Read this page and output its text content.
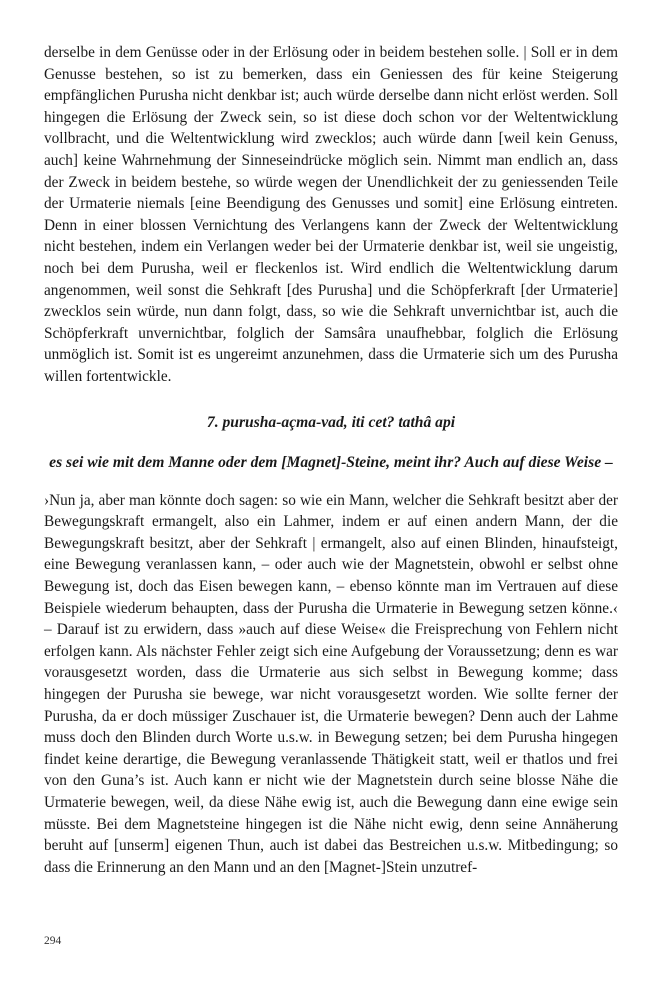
derselbe in dem Genüsse oder in der Erlösung oder in beidem bestehen solle. | Soll er in dem Genusse bestehen, so ist zu bemerken, dass ein Geniessen des für keine Steigerung empfänglichen Purusha nicht denkbar ist; auch würde derselbe dann nicht erlöst werden. Soll hingegen die Erlösung der Zweck sein, so ist diese doch schon vor der Weltentwicklung vollbracht, und die Weltentwicklung wird zwecklos; auch würde dann [weil kein Genuss, auch] keine Wahrnehmung der Sinneseindrücke möglich sein. Nimmt man endlich an, dass der Zweck in beidem bestehe, so würde wegen der Unendlichkeit der zu geniessenden Teile der Urmaterie niemals [eine Beendigung des Genusses und somit] eine Erlösung eintreten. Denn in einer blossen Vernichtung des Verlangens kann der Zweck der Weltentwicklung nicht bestehen, indem ein Verlangen weder bei der Urmaterie denkbar ist, weil sie ungeistig, noch bei dem Purusha, weil er fleckenlos ist. Wird endlich die Weltentwicklung darum angenommen, weil sonst die Sehkraft [des Purusha] und die Schöpferkraft [der Urmaterie] zwecklos sein würde, nun dann folgt, dass, so wie die Sehkraft unvernichtbar ist, auch die Schöpferkraft unvernichtbar, folglich der Samsâra unaufhebbar, folglich die Erlösung unmöglich ist. Somit ist es ungereimt anzunehmen, dass die Urmaterie sich um des Purusha willen fortentwickle.

7. purusha-açma-vad, iti cet? tathâ api

es sei wie mit dem Manne oder dem [Magnet]-Steine, meint ihr? Auch auf diese Weise –

›Nun ja, aber man könnte doch sagen: so wie ein Mann, welcher die Sehkraft besitzt aber der Bewegungskraft ermangelt, also ein Lahmer, indem er auf einen andern Mann, der die Bewegungskraft besitzt, aber der Sehkraft | ermangelt, also auf einen Blinden, hinaufsteigt, eine Bewegung veranlassen kann, – oder auch wie der Magnetstein, obwohl er selbst ohne Bewegung ist, doch das Eisen bewegen kann, – ebenso könnte man im Vertrauen auf diese Beispiele wiederum behaupten, dass der Purusha die Urmaterie in Bewegung setzen könne.‹ – Darauf ist zu erwidern, dass »auch auf diese Weise« die Freisprechung von Fehlern nicht erfolgen kann. Als nächster Fehler zeigt sich eine Aufgebung der Voraussetzung; denn es war vorausgesetzt worden, dass die Urmaterie aus sich selbst in Bewegung komme; dass hingegen der Purusha sie bewege, war nicht vorausgesetzt worden. Wie sollte ferner der Purusha, da er doch müssiger Zuschauer ist, die Urmaterie bewegen? Denn auch der Lahme muss doch den Blinden durch Worte u.s.w. in Bewegung setzen; bei dem Purusha hingegen findet keine derartige, die Bewegung veranlassende Thätigkeit statt, weil er thatlos und frei von den Guna’s ist. Auch kann er nicht wie der Magnetstein durch seine blosse Nähe die Urmaterie bewegen, weil, da diese Nähe ewig ist, auch die Bewegung dann eine ewige sein müsste. Bei dem Magnetsteine hingegen ist die Nähe nicht ewig, denn seine Annäherung beruht auf [unserm] eigenen Thun, auch ist dabei das Bestreichen u.s.w. Mitbedingung; so dass die Erinnerung an den Mann und an den [Magnet-]Stein unzutref-

294
